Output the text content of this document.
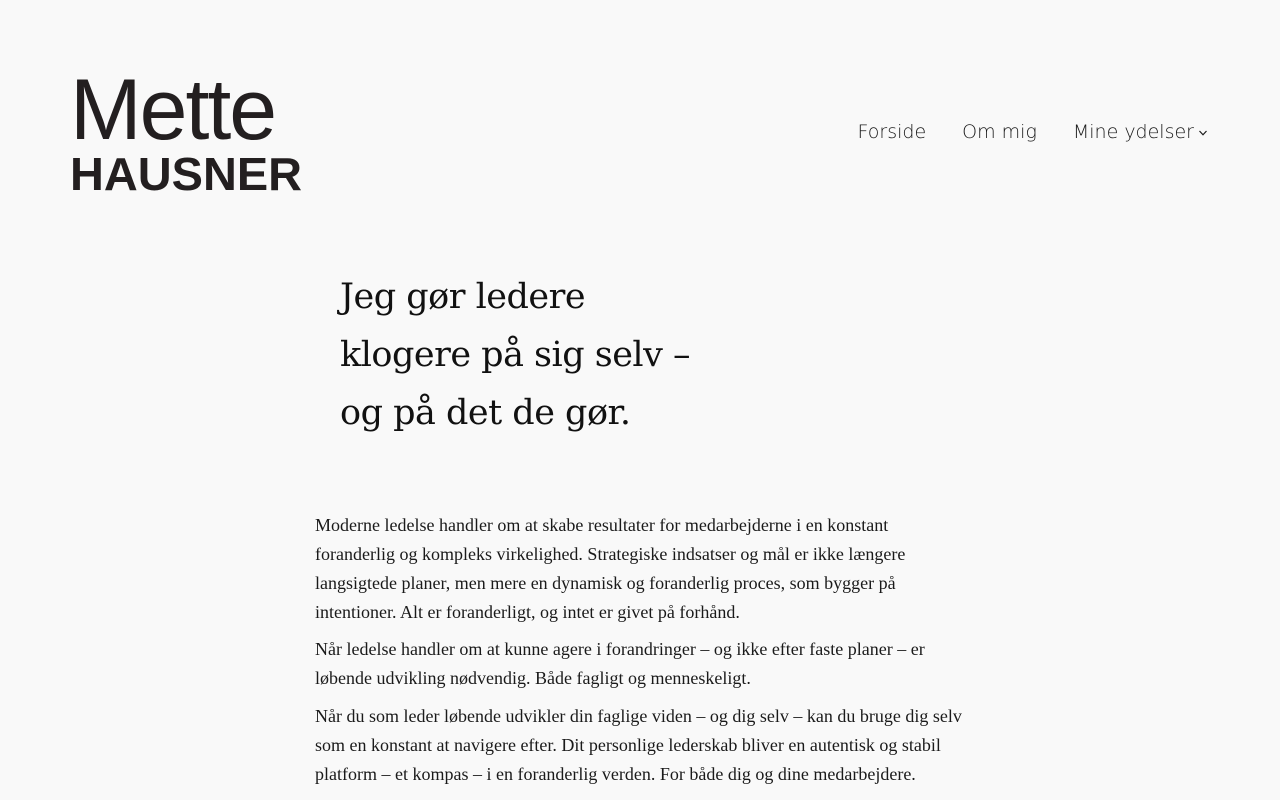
Mette
HAUSNER
Forside Om mig Mine ydelser
Jeg gør ledere
klogere på sig selv –
og på det de gør.

Moderne ledelse handler om at skabe resultater for medarbejderne i en konstant foranderlig og kompleks virkelighed. Strategiske indsatser og mål er ikke længere langsigtede planer, men mere en dynamisk og foranderlig proces, som bygger på intentioner. Alt er foranderligt, og intet er givet på forhånd.

Når ledelse handler om at kunne agere i forandringer – og ikke efter faste planer – er løbende udvikling nødvendig. Både fagligt og menneskeligt.

Når du som leder løbende udvikler din faglige viden – og dig selv – kan du bruge dig selv som en konstant at navigere efter. Dit personlige lederskab bliver en autentisk og stabil platform – et kompas – i en foranderlig verden. For både dig og dine medarbejdere.
